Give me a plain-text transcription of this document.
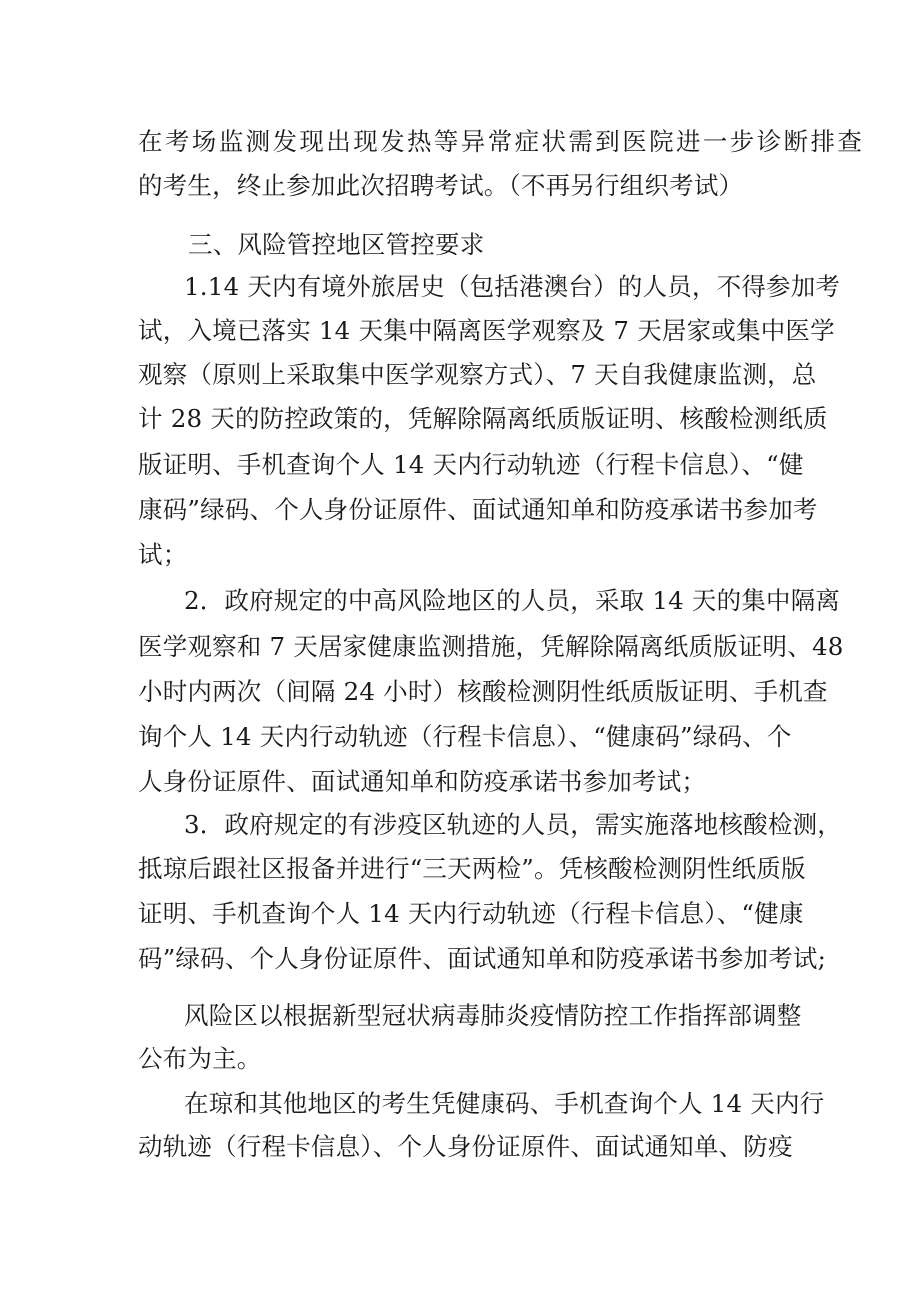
在考场监测发现出现发热等异常症状需到医院进一步诊断排查
的考生，终止参加此次招聘考试。（不再另行组织考试）
三、风险管控地区管控要求
1.14 天内有境外旅居史（包括港澳台）的人员，不得参加考
试，入境已落实 14 天集中隔离医学观察及 7 天居家或集中医学
观察（原则上采取集中医学观察方式）、7 天自我健康监测，总
计 28 天的防控政策的，凭解除隔离纸质版证明、核酸检测纸质
版证明、手机查询个人 14 天内行动轨迹（行程卡信息）、“健
康码”绿码、个人身份证原件、面试通知单和防疫承诺书参加考
试；
2．政府规定的中高风险地区的人员，采取 14 天的集中隔离
医学观察和 7 天居家健康监测措施，凭解除隔离纸质版证明、48
小时内两次（间隔 24 小时）核酸检测阴性纸质版证明、手机查
询个人 14 天内行动轨迹（行程卡信息）、“健康码”绿码、个
人身份证原件、面试通知单和防疫承诺书参加考试；
3．政府规定的有涉疫区轨迹的人员，需实施落地核酸检测，
抵琼后跟社区报备并进行“三天两检”。凭核酸检测阴性纸质版
证明、手机查询个人 14 天内行动轨迹（行程卡信息）、“健康
码”绿码、个人身份证原件、面试通知单和防疫承诺书参加考试;
风险区以根据新型冠状病毒肺炎疫情防控工作指挥部调整
公布为主。
在琼和其他地区的考生凭健康码、手机查询个人 14 天内行
动轨迹（行程卡信息）、个人身份证原件、面试通知单、防疫
